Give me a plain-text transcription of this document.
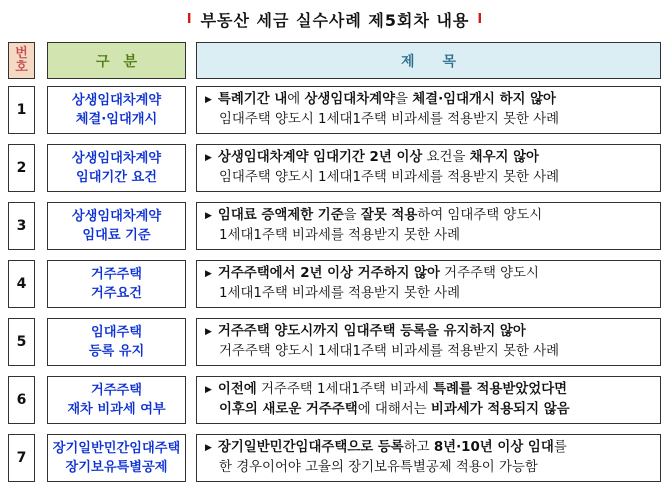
I 부동산 세금 실수사례 제5회차 내용 I
번호	구분	제목
1
상생임대차계약
체결·임대개시
▶ 특례기간 내 에 상생임대차계약 을 체결·임대개시 하지 않아
임대주택 양도시 1세대1주택 비과세를 적용받지 못한 사례
2
상생임대차계약
임대기간 요건
▶ 상생임대차계약 임대기간 2년 이상 요건을 채우지 않아
임대주택 양도시 1세대1주택 비과세를 적용받지 못한 사례
3
상생임대차계약
임대료 기준
▶ 임대료 증액제한 기준 을 잘못 적용 하여 임대주택 양도시
1세대1주택 비과세를 적용받지 못한 사례
4
거주주택
거주요건
▶ 거주주택에서 2년 이상 거주하지 않아 거주주택 양도시
1세대1주택 비과세를 적용받지 못한 사례
5
임대주택
등록 유지
▶ 거주주택 양도시까지 임대주택 등록을 유지하지 않아
거주주택 양도시 1세대1주택 비과세를 적용받지 못한 사례
6
거주주택
재차 비과세 여부
▶ 이전에 거주주택 1세대1주택 비과세 특례를 적용받았었다면
이후의 새로운 거주주택 에 대해서는 비과세가 적용되지 않음
7
장기일반민간임대주택
장기보유특별공제
▶ 장기일반민간임대주택으로 등록 하고 8년·10년 이상 임대 를
한 경우이어야 고율의 장기보유특별공제 적용이 가능함
